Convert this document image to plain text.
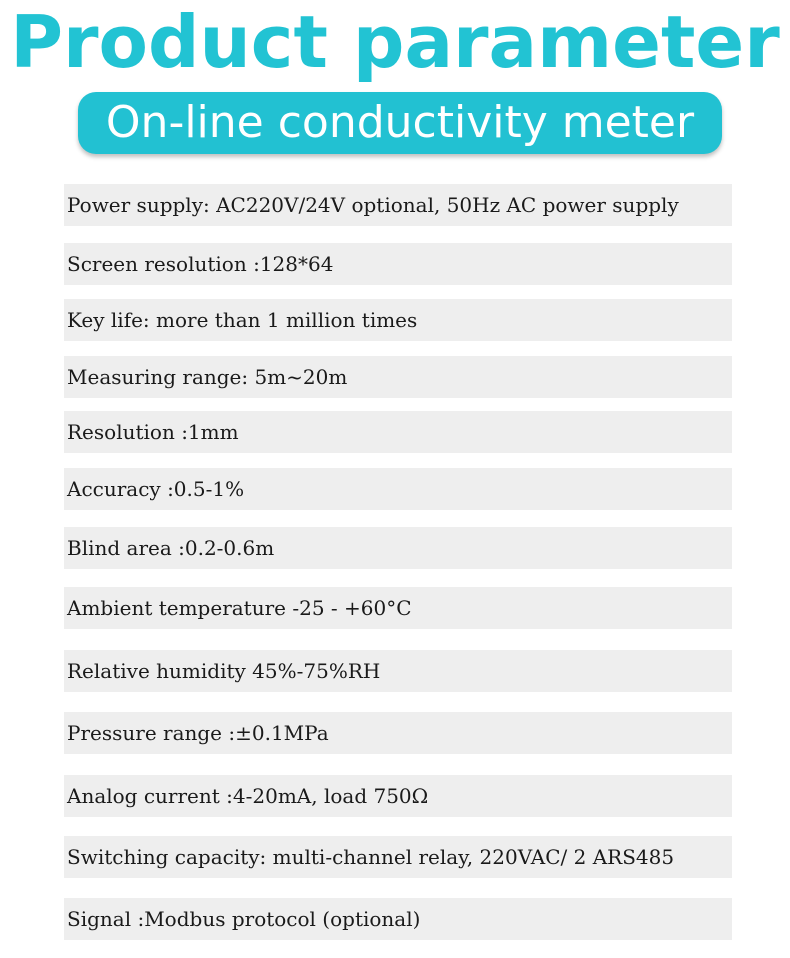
Product parameter
On-line conductivity meter
Power supply: AC220V/24V optional, 50Hz AC power supply
Screen resolution :128*64
Key life: more than 1 million times
Measuring range: 5m~20m
Resolution :1mm
Accuracy :0.5-1%
Blind area :0.2-0.6m
Ambient temperature -25 - +60°C
Relative humidity 45%-75%RH
Pressure range :±0.1MPa
Analog current :4-20mA, load 750Ω
Switching capacity: multi-channel relay, 220VAC/ 2 ARS485
Signal :Modbus protocol (optional)
